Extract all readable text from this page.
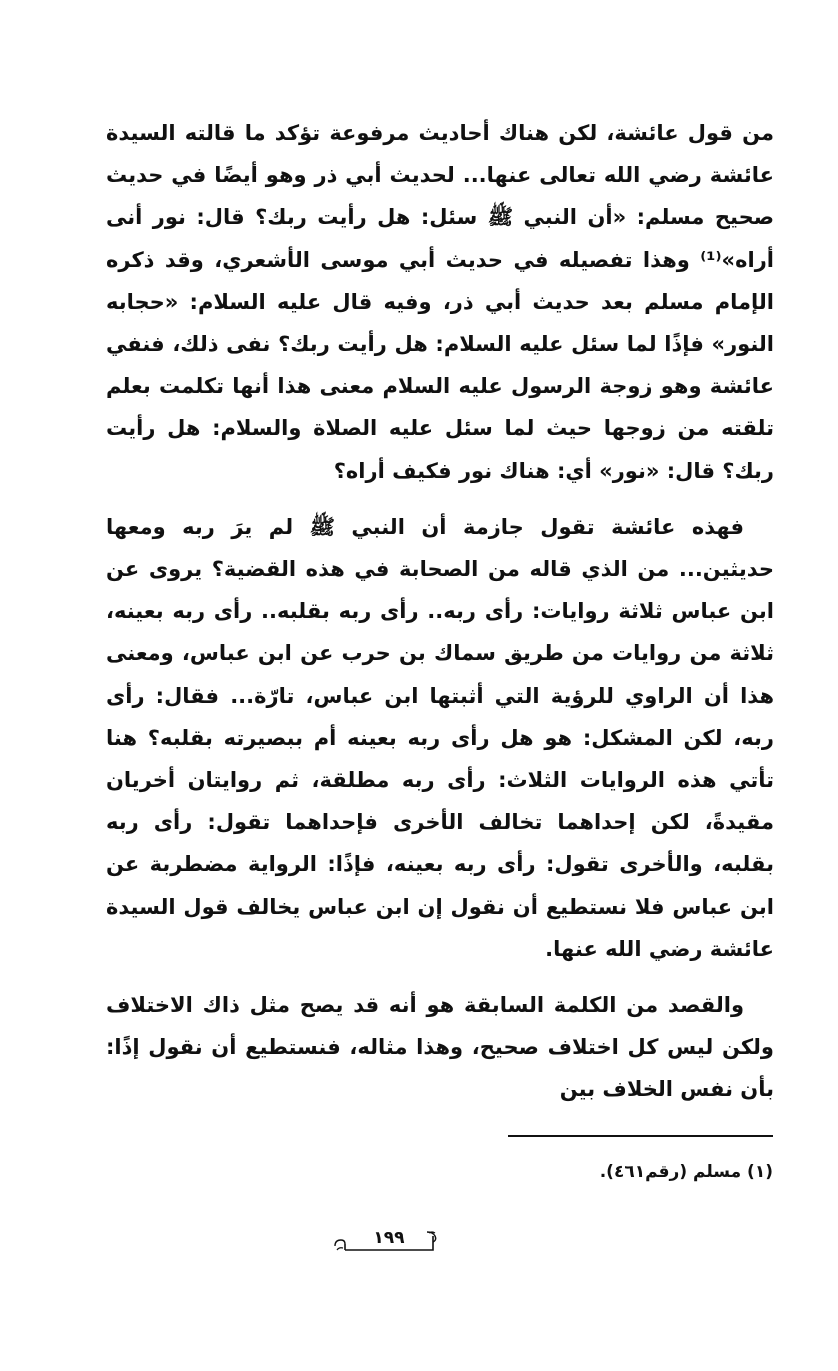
من قول عائشة، لكن هناك أحاديث مرفوعة تؤكد ما قالته السيدة عائشة رضي الله تعالى عنها... لحديث أبي ذر وهو أيضًا في حديث صحيح مسلم: «أن النبي ﷺ سئل: هل رأيت ربك؟ قال: نور أنى أراه»⁽¹⁾ وهذا تفصيله في حديث أبي موسى الأشعري، وقد ذكره الإمام مسلم بعد حديث أبي ذر، وفيه قال عليه السلام: «حجابه النور» فإذًا لما سئل عليه السلام: هل رأيت ربك؟ نفى ذلك، فنفي عائشة وهو زوجة الرسول عليه السلام معنى هذا أنها تكلمت بعلم تلقته من زوجها حيث لما سئل عليه الصلاة والسلام: هل رأيت ربك؟ قال: «نور» أي: هناك نور فكيف أراه؟

فهذه عائشة تقول جازمة أن النبي ﷺ لم يرَ ربه ومعها حديثين... من الذي قاله من الصحابة في هذه القضية؟ يروى عن ابن عباس ثلاثة روايات: رأى ربه.. رأى ربه بقلبه.. رأى ربه بعينه، ثلاثة من روايات من طريق سماك بن حرب عن ابن عباس، ومعنى هذا أن الراوي للرؤية التي أثبتها ابن عباس، تارّة... فقال: رأى ربه، لكن المشكل: هو هل رأى ربه بعينه أم ببصيرته بقلبه؟ هنا تأتي هذه الروايات الثلاث: رأى ربه مطلقة، ثم روايتان أخريان مقيدةً، لكن إحداهما تخالف الأخرى فإحداهما تقول: رأى ربه بقلبه، والأخرى تقول: رأى ربه بعينه، فإذًا: الرواية مضطربة عن ابن عباس فلا نستطيع أن نقول إن ابن عباس يخالف قول السيدة عائشة رضي الله عنها.

والقصد من الكلمة السابقة هو أنه قد يصح مثل ذاك الاختلاف ولكن ليس كل اختلاف صحيح، وهذا مثاله، فنستطيع أن نقول إذًا: بأن نفس الخلاف بين

(١) مسلم (رقم٤٦١).
١٩٩
